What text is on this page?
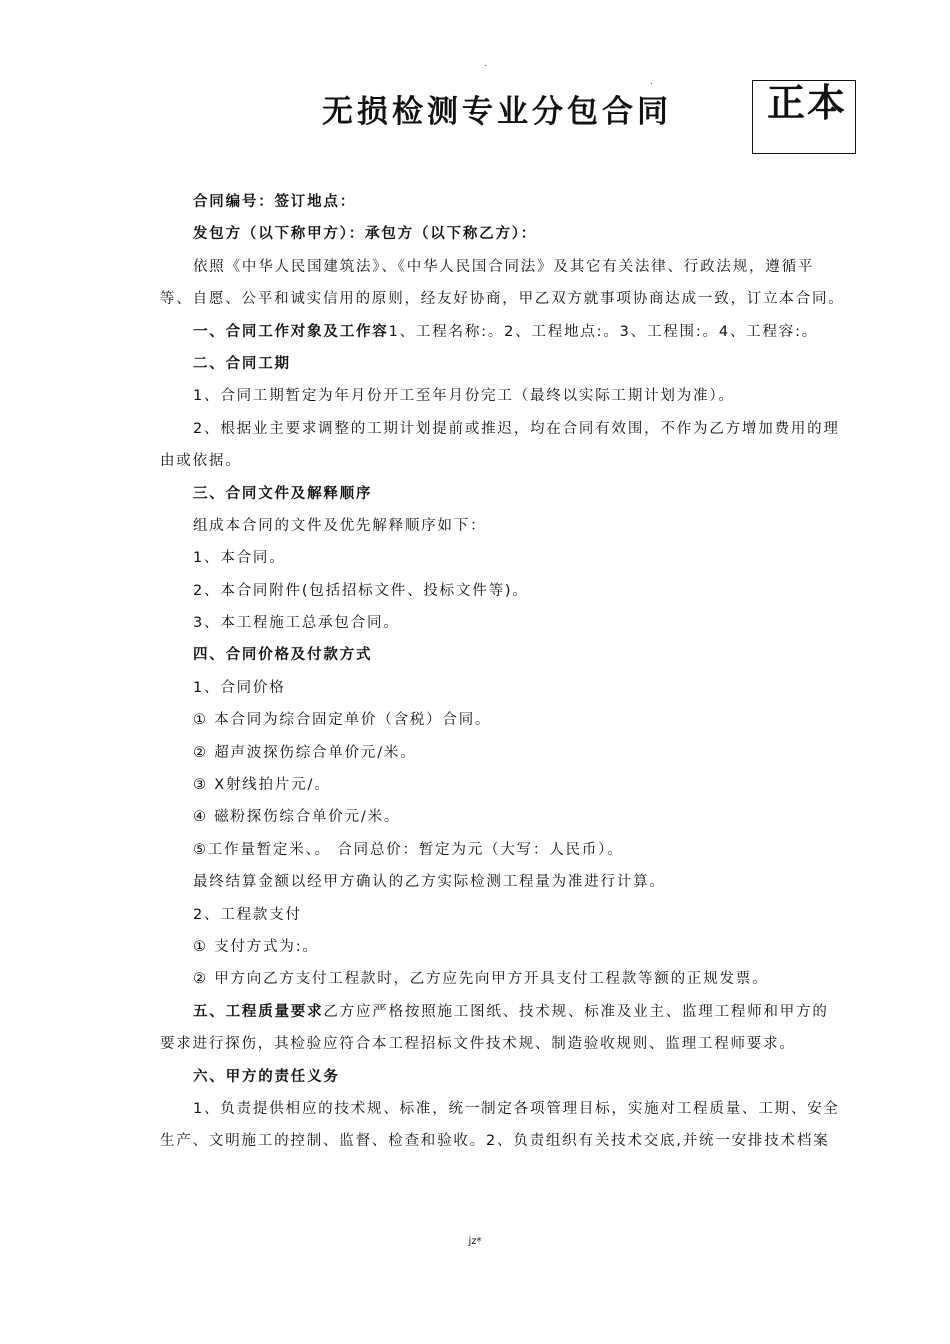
.
.
无损检测专业分包合同	正本
合同编号：签订地点：
发包方（以下称甲方）：承包方（以下称乙方）：
依照《中华人民国建筑法》、《中华人民国合同法》及其它有关法律、行政法规，遵循平
等、自愿、公平和诚实信用的原则，经友好协商，甲乙双方就事项协商达成一致，订立本合同。
一、合同工作对象及工作容1、工程名称:。2、工程地点:。3、工程围:。4、工程容:。
二、合同工期
1、合同工期暂定为年月份开工至年月份完工（最终以实际工期计划为准）。
2、根据业主要求调整的工期计划提前或推迟，均在合同有效围，不作为乙方增加费用的理
由或依据。
三、合同文件及解释顺序
组成本合同的文件及优先解释顺序如下：
1、本合同。
2、本合同附件(包括招标文件、投标文件等)。
3、本工程施工总承包合同。
四、合同价格及付款方式
1、合同价格
① 本合同为综合固定单价（含税）合同。
② 超声波探伤综合单价元/米。
③ X射线拍片元/。
④ 磁粉探伤综合单价元/米。
⑤工作量暂定米、。 合同总价：暂定为元（大写：人民币）。
最终结算金额以经甲方确认的乙方实际检测工程量为准进行计算。
2、工程款支付
① 支付方式为:。
② 甲方向乙方支付工程款时，乙方应先向甲方开具支付工程款等额的正规发票。
五、工程质量要求乙方应严格按照施工图纸、技术规、标准及业主、监理工程师和甲方的
要求进行探伤，其检验应符合本工程招标文件技术规、制造验收规则、监理工程师要求。
六、甲方的责任义务
1、负责提供相应的技术规、标准，统一制定各项管理目标，实施对工程质量、工期、安全
生产、文明施工的控制、监督、检查和验收。2、负责组织有关技术交底,并统一安排技术档案
jz*
